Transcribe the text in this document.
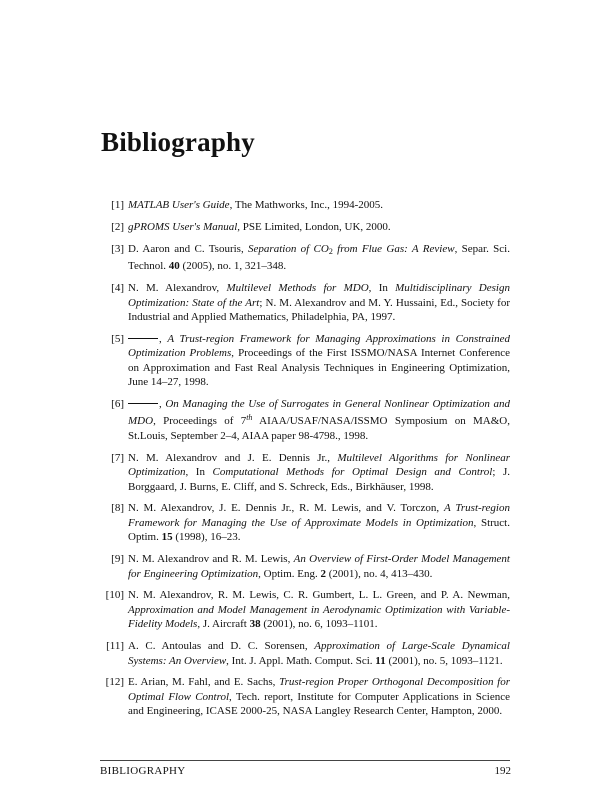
Bibliography
[1] MATLAB User's Guide, The Mathworks, Inc., 1994-2005.
[2] gPROMS User's Manual, PSE Limited, London, UK, 2000.
[3] D. Aaron and C. Tsouris, Separation of $CO_2$ from Flue Gas: A Review, Separ. Sci. Technol. 40 (2005), no. 1, 321–348.
[4] N. M. Alexandrov, Multilevel Methods for MDO, In Multidisciplinary Design Optimization: State of the Art; N. M. Alexandrov and M. Y. Hussaini, Ed., Society for Industrial and Applied Mathematics, Philadelphia, PA, 1997.
[5]	, A Trust-region Framework for Managing Approximations in Constrained Optimization Problems, Proceedings of the First ISSMO/NASA Internet Conference on Approximation and Fast Real Analysis Techniques in Engineering Optimization, June 14–27, 1998.
[6]	, On Managing the Use of Surrogates in General Nonlinear Optimization and MDO, Proceedings of 7th AIAA/USAF/NASA/ISSMO Symposium on MA&O, St.Louis, September 2–4, AIAA paper 98-4798., 1998.
[7] N. M. Alexandrov and J. E. Dennis Jr., Multilevel Algorithms for Nonlinear Optimization, In Computational Methods for Optimal Design and Control; J. Borggaard, J. Burns, E. Cliff, and S. Schreck, Eds., Birkhäuser, 1998.
[8] N. M. Alexandrov, J. E. Dennis Jr., R. M. Lewis, and V. Torczon, A Trust-region Framework for Managing the Use of Approximate Models in Optimization, Struct. Optim. 15 (1998), 16–23.
[9] N. M. Alexandrov and R. M. Lewis, An Overview of First-Order Model Management for Engineering Optimization, Optim. Eng. 2 (2001), no. 4, 413–430.
[10] N. M. Alexandrov, R. M. Lewis, C. R. Gumbert, L. L. Green, and P. A. Newman, Approximation and Model Management in Aerodynamic Optimization with Variable-Fidelity Models, J. Aircraft 38 (2001), no. 6, 1093–1101.
[11] A. C. Antoulas and D. C. Sorensen, Approximation of Large-Scale Dynamical Systems: An Overview, Int. J. Appl. Math. Comput. Sci. 11 (2001), no. 5, 1093–1121.
[12] E. Arian, M. Fahl, and E. Sachs, Trust-region Proper Orthogonal Decomposition for Optimal Flow Control, Tech. report, Institute for Computer Applications in Science and Engineering, ICASE 2000-25, NASA Langley Research Center, Hampton, 2000.
BIBLIOGRAPHY	192
